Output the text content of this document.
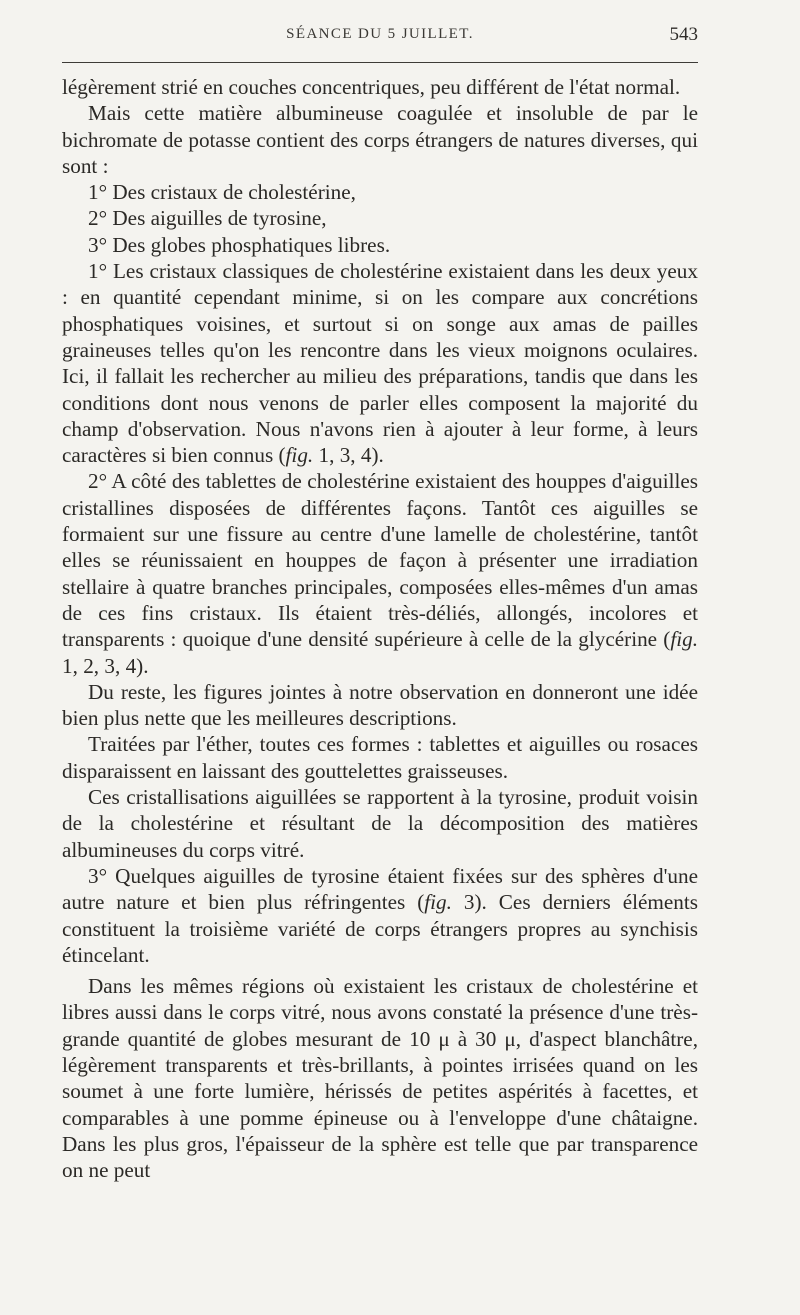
SÉANCE DU 5 JUILLET.	543

légèrement strié en couches concentriques, peu différent de l'état normal.

Mais cette matière albumineuse coagulée et insoluble de par le bichromate de potasse contient des corps étrangers de natures diverses, qui sont :

1° Des cristaux de cholestérine,

2° Des aiguilles de tyrosine,

3° Des globes phosphatiques libres.

1° Les cristaux classiques de cholestérine existaient dans les deux yeux : en quantité cependant minime, si on les compare aux concrétions phosphatiques voisines, et surtout si on songe aux amas de pailles graineuses telles qu'on les rencontre dans les vieux moignons oculaires. Ici, il fallait les rechercher au milieu des préparations, tandis que dans les conditions dont nous venons de parler elles composent la majorité du champ d'observation. Nous n'avons rien à ajouter à leur forme, à leurs caractères si bien connus (fig. 1, 3, 4).

2° A côté des tablettes de cholestérine existaient des houppes d'aiguilles cristallines disposées de différentes façons. Tantôt ces aiguilles se formaient sur une fissure au centre d'une lamelle de cholestérine, tantôt elles se réunissaient en houppes de façon à présenter une irradiation stellaire à quatre branches principales, composées elles-mêmes d'un amas de ces fins cristaux. Ils étaient très-déliés, allongés, incolores et transparents : quoique d'une densité supérieure à celle de la glycérine (fig. 1, 2, 3, 4).

Du reste, les figures jointes à notre observation en donneront une idée bien plus nette que les meilleures descriptions.

Traitées par l'éther, toutes ces formes : tablettes et aiguilles ou rosaces disparaissent en laissant des gouttelettes graisseuses.

Ces cristallisations aiguillées se rapportent à la tyrosine, produit voisin de la cholestérine et résultant de la décomposition des matières albumineuses du corps vitré.

3° Quelques aiguilles de tyrosine étaient fixées sur des sphères d'une autre nature et bien plus réfringentes (fig. 3). Ces derniers éléments constituent la troisième variété de corps étrangers propres au synchisis étincelant.

Dans les mêmes régions où existaient les cristaux de cholestérine et libres aussi dans le corps vitré, nous avons constaté la présence d'une très-grande quantité de globes mesurant de 10 μ à 30 μ, d'aspect blanchâtre, légèrement transparents et très-brillants, à pointes irrisées quand on les soumet à une forte lumière, hérissés de petites aspérités à facettes, et comparables à une pomme épineuse ou à l'enveloppe d'une châtaigne. Dans les plus gros, l'épaisseur de la sphère est telle que par transparence on ne peut
